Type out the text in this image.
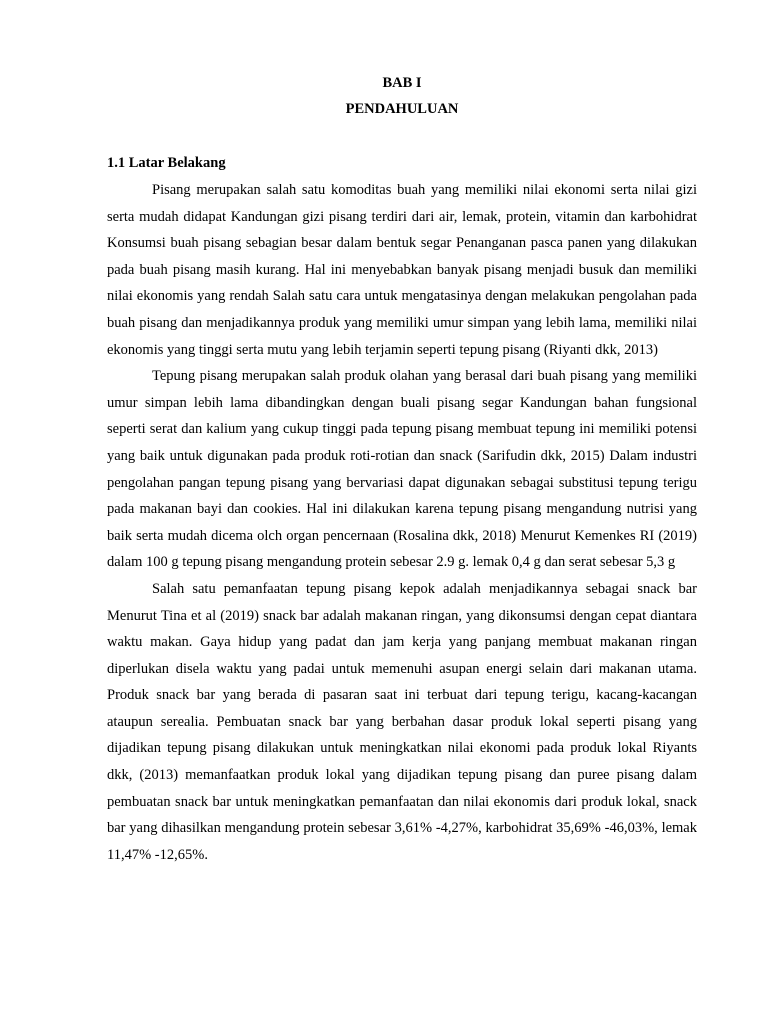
BAB I
PENDAHULUAN
1.1 Latar Belakang

Pisang merupakan salah satu komoditas buah yang memiliki nilai ekonomi serta nilai gizi serta mudah didapat Kandungan gizi pisang terdiri dari air, lemak, protein, vitamin dan karbohidrat Konsumsi buah pisang sebagian besar dalam bentuk segar Penanganan pasca panen yang dilakukan pada buah pisang masih kurang. Hal ini menyebabkan banyak pisang menjadi busuk dan memiliki nilai ekonomis yang rendah Salah satu cara untuk mengatasinya dengan melakukan pengolahan pada buah pisang dan menjadikannya produk yang memiliki umur simpan yang lebih lama, memiliki nilai ekonomis yang tinggi serta mutu yang lebih terjamin seperti tepung pisang (Riyanti dkk, 2013)

Tepung pisang merupakan salah produk olahan yang berasal dari buah pisang yang memiliki umur simpan lebih lama dibandingkan dengan buali pisang segar Kandungan bahan fungsional seperti serat dan kalium yang cukup tinggi pada tepung pisang membuat tepung ini memiliki potensi yang baik untuk digunakan pada produk roti-rotian dan snack (Sarifudin dkk, 2015) Dalam industri pengolahan pangan tepung pisang yang bervariasi dapat digunakan sebagai substitusi tepung terigu pada makanan bayi dan cookies. Hal ini dilakukan karena tepung pisang mengandung nutrisi yang baik serta mudah dicema olch organ pencernaan (Rosalina dkk, 2018) Menurut Kemenkes RI (2019) dalam 100 g tepung pisang mengandung protein sebesar 2.9 g. lemak 0,4 g dan serat sebesar 5,3 g

Salah satu pemanfaatan tepung pisang kepok adalah menjadikannya sebagai snack bar Menurut Tina et al (2019) snack bar adalah makanan ringan, yang dikonsumsi dengan cepat diantara waktu makan. Gaya hidup yang padat dan jam kerja yang panjang membuat makanan ringan diperlukan disela waktu yang padai untuk memenuhi asupan energi selain dari makanan utama. Produk snack bar yang berada di pasaran saat ini terbuat dari tepung terigu, kacang-kacangan ataupun serealia. Pembuatan snack bar yang berbahan dasar produk lokal seperti pisang yang dijadikan tepung pisang dilakukan untuk meningkatkan nilai ekonomi pada produk lokal Riyants dkk, (2013) memanfaatkan produk lokal yang dijadikan tepung pisang dan puree pisang dalam pembuatan snack bar untuk meningkatkan pemanfaatan dan nilai ekonomis dari produk lokal, snack bar yang dihasilkan mengandung protein sebesar 3,61% -4,27%, karbohidrat 35,69% -46,03%, lemak 11,47% -12,65%.
